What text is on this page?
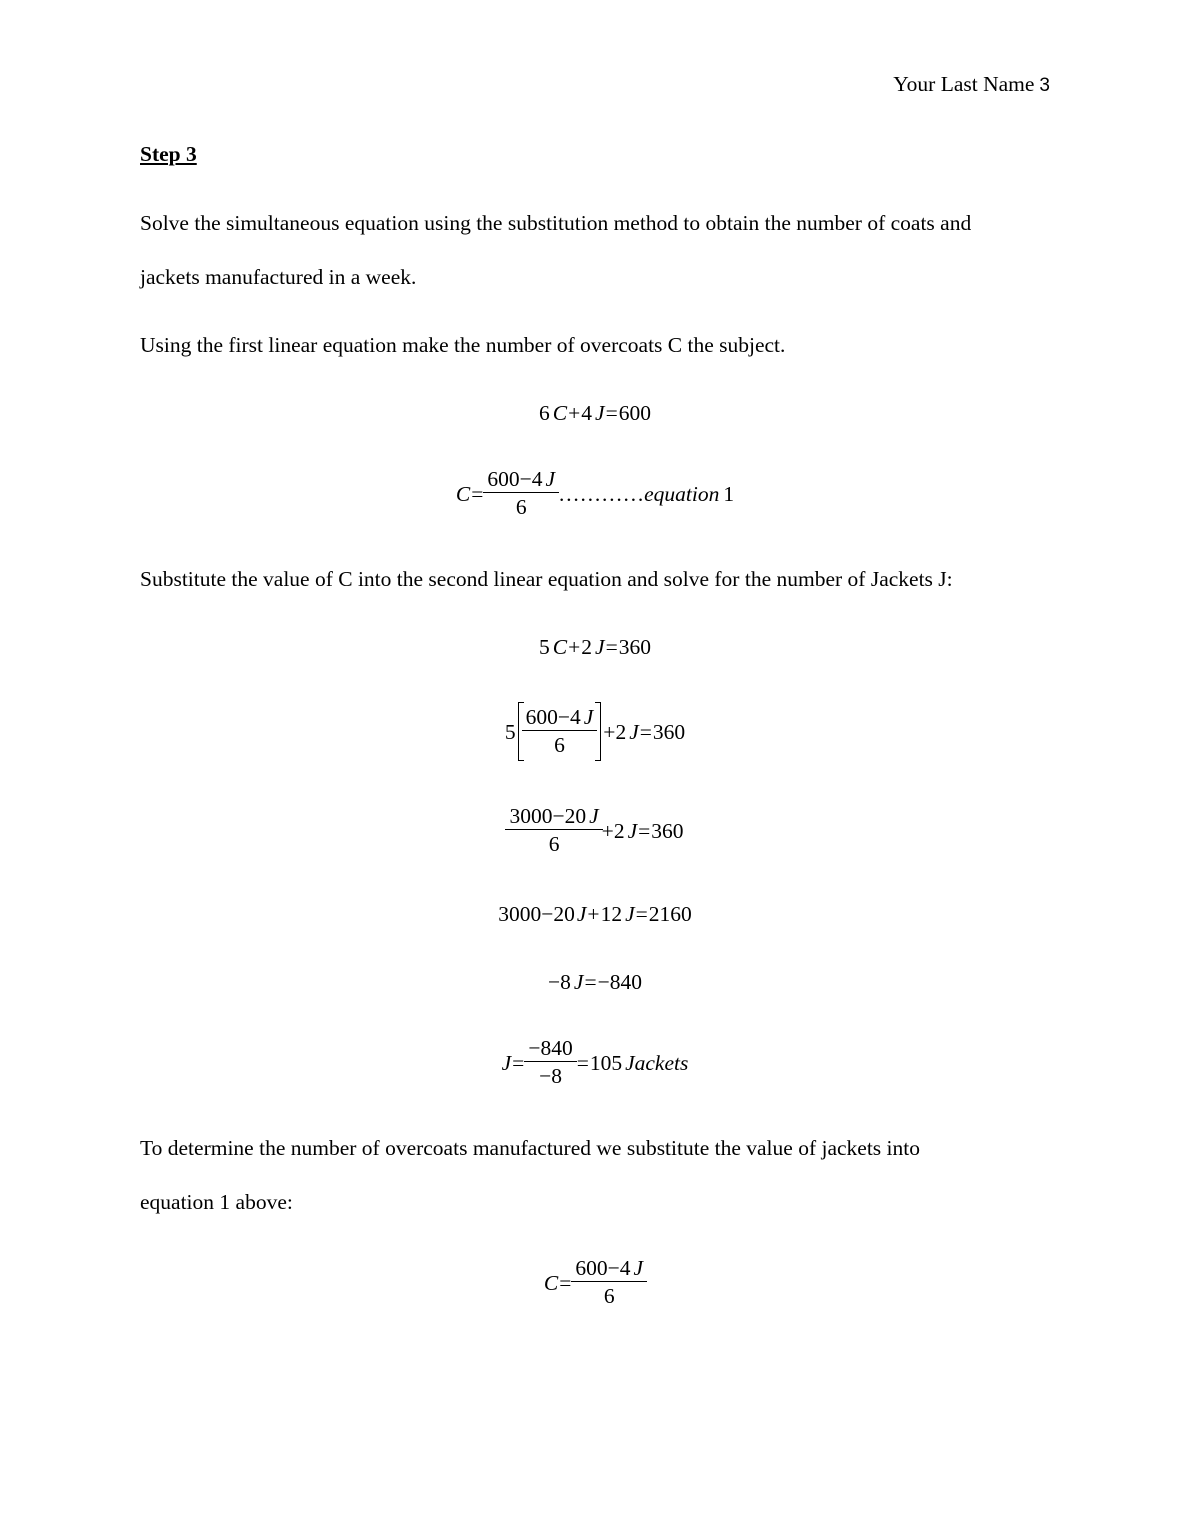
Your Last Name 3
Step 3
Solve the simultaneous equation using the substitution method to obtain the number of coats and
jackets manufactured in a week.
Using the first linear equation make the number of overcoats C the subject.
6 C + 4 J = 600
$C = \frac{600-4 J}{6}$ ………… equation 1
Substitute the value of C into the second linear equation and solve for the number of Jackets J:
5 C + 2 J = 360
$5 \frac{600-4 J}{6} + 2$ J = 360
$\frac{3000-20 J}{6} + 2$ J = 360
3000−20 J + 12 J = 2160
−8 J = −840
$J = \frac{-840}{-8} = 105$ Jackets
To determine the number of overcoats manufactured we substitute the value of jackets into
equation 1 above:
$C = \frac{600-4 J}{6}$
